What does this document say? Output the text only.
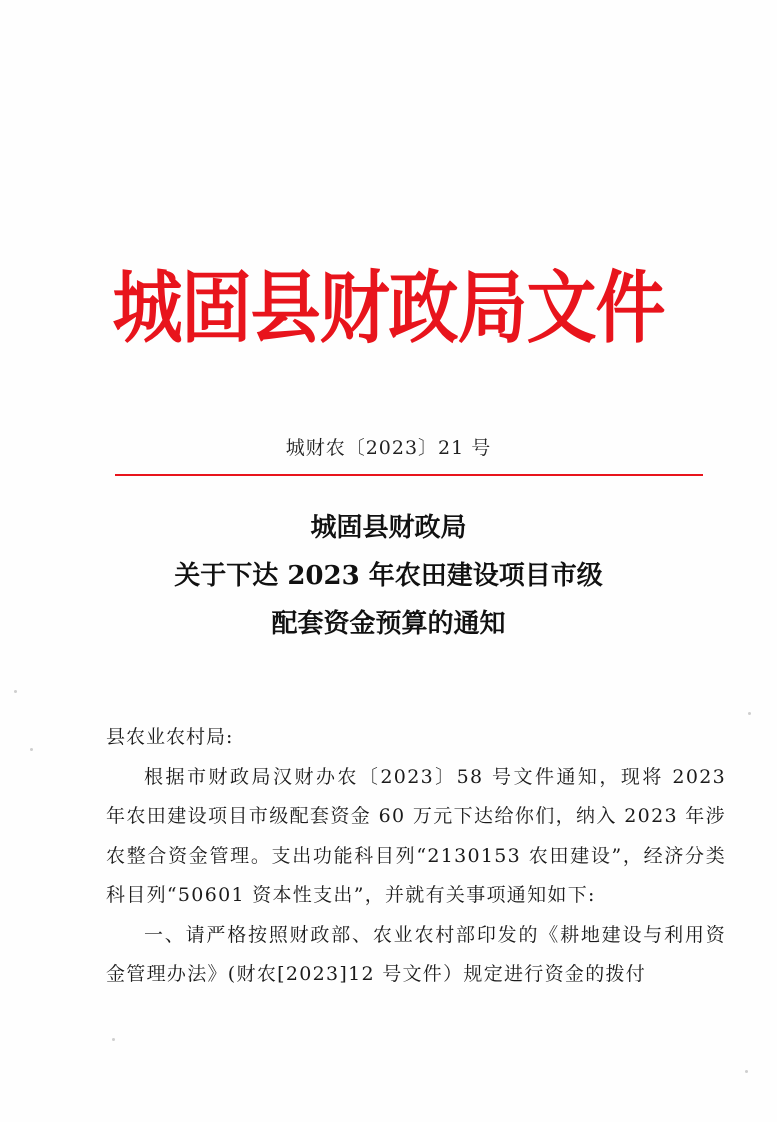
城固县财政局文件
城财农〔2023〕21 号
城固县财政局
关于下达 2023 年农田建设项目市级
配套资金预算的通知
县农业农村局:

根据市财政局汉财办农〔2023〕58 号文件通知，现将 2023 年农田建设项目市级配套资金 60 万元下达给你们，纳入 2023 年涉农整合资金管理。支出功能科目列“2130153 农田建设”，经济分类科目列“50601 资本性支出”，并就有关事项通知如下:

一、请严格按照财政部、农业农村部印发的《耕地建设与利用资金管理办法》(财农[2023]12 号文件）规定进行资金的拨付
